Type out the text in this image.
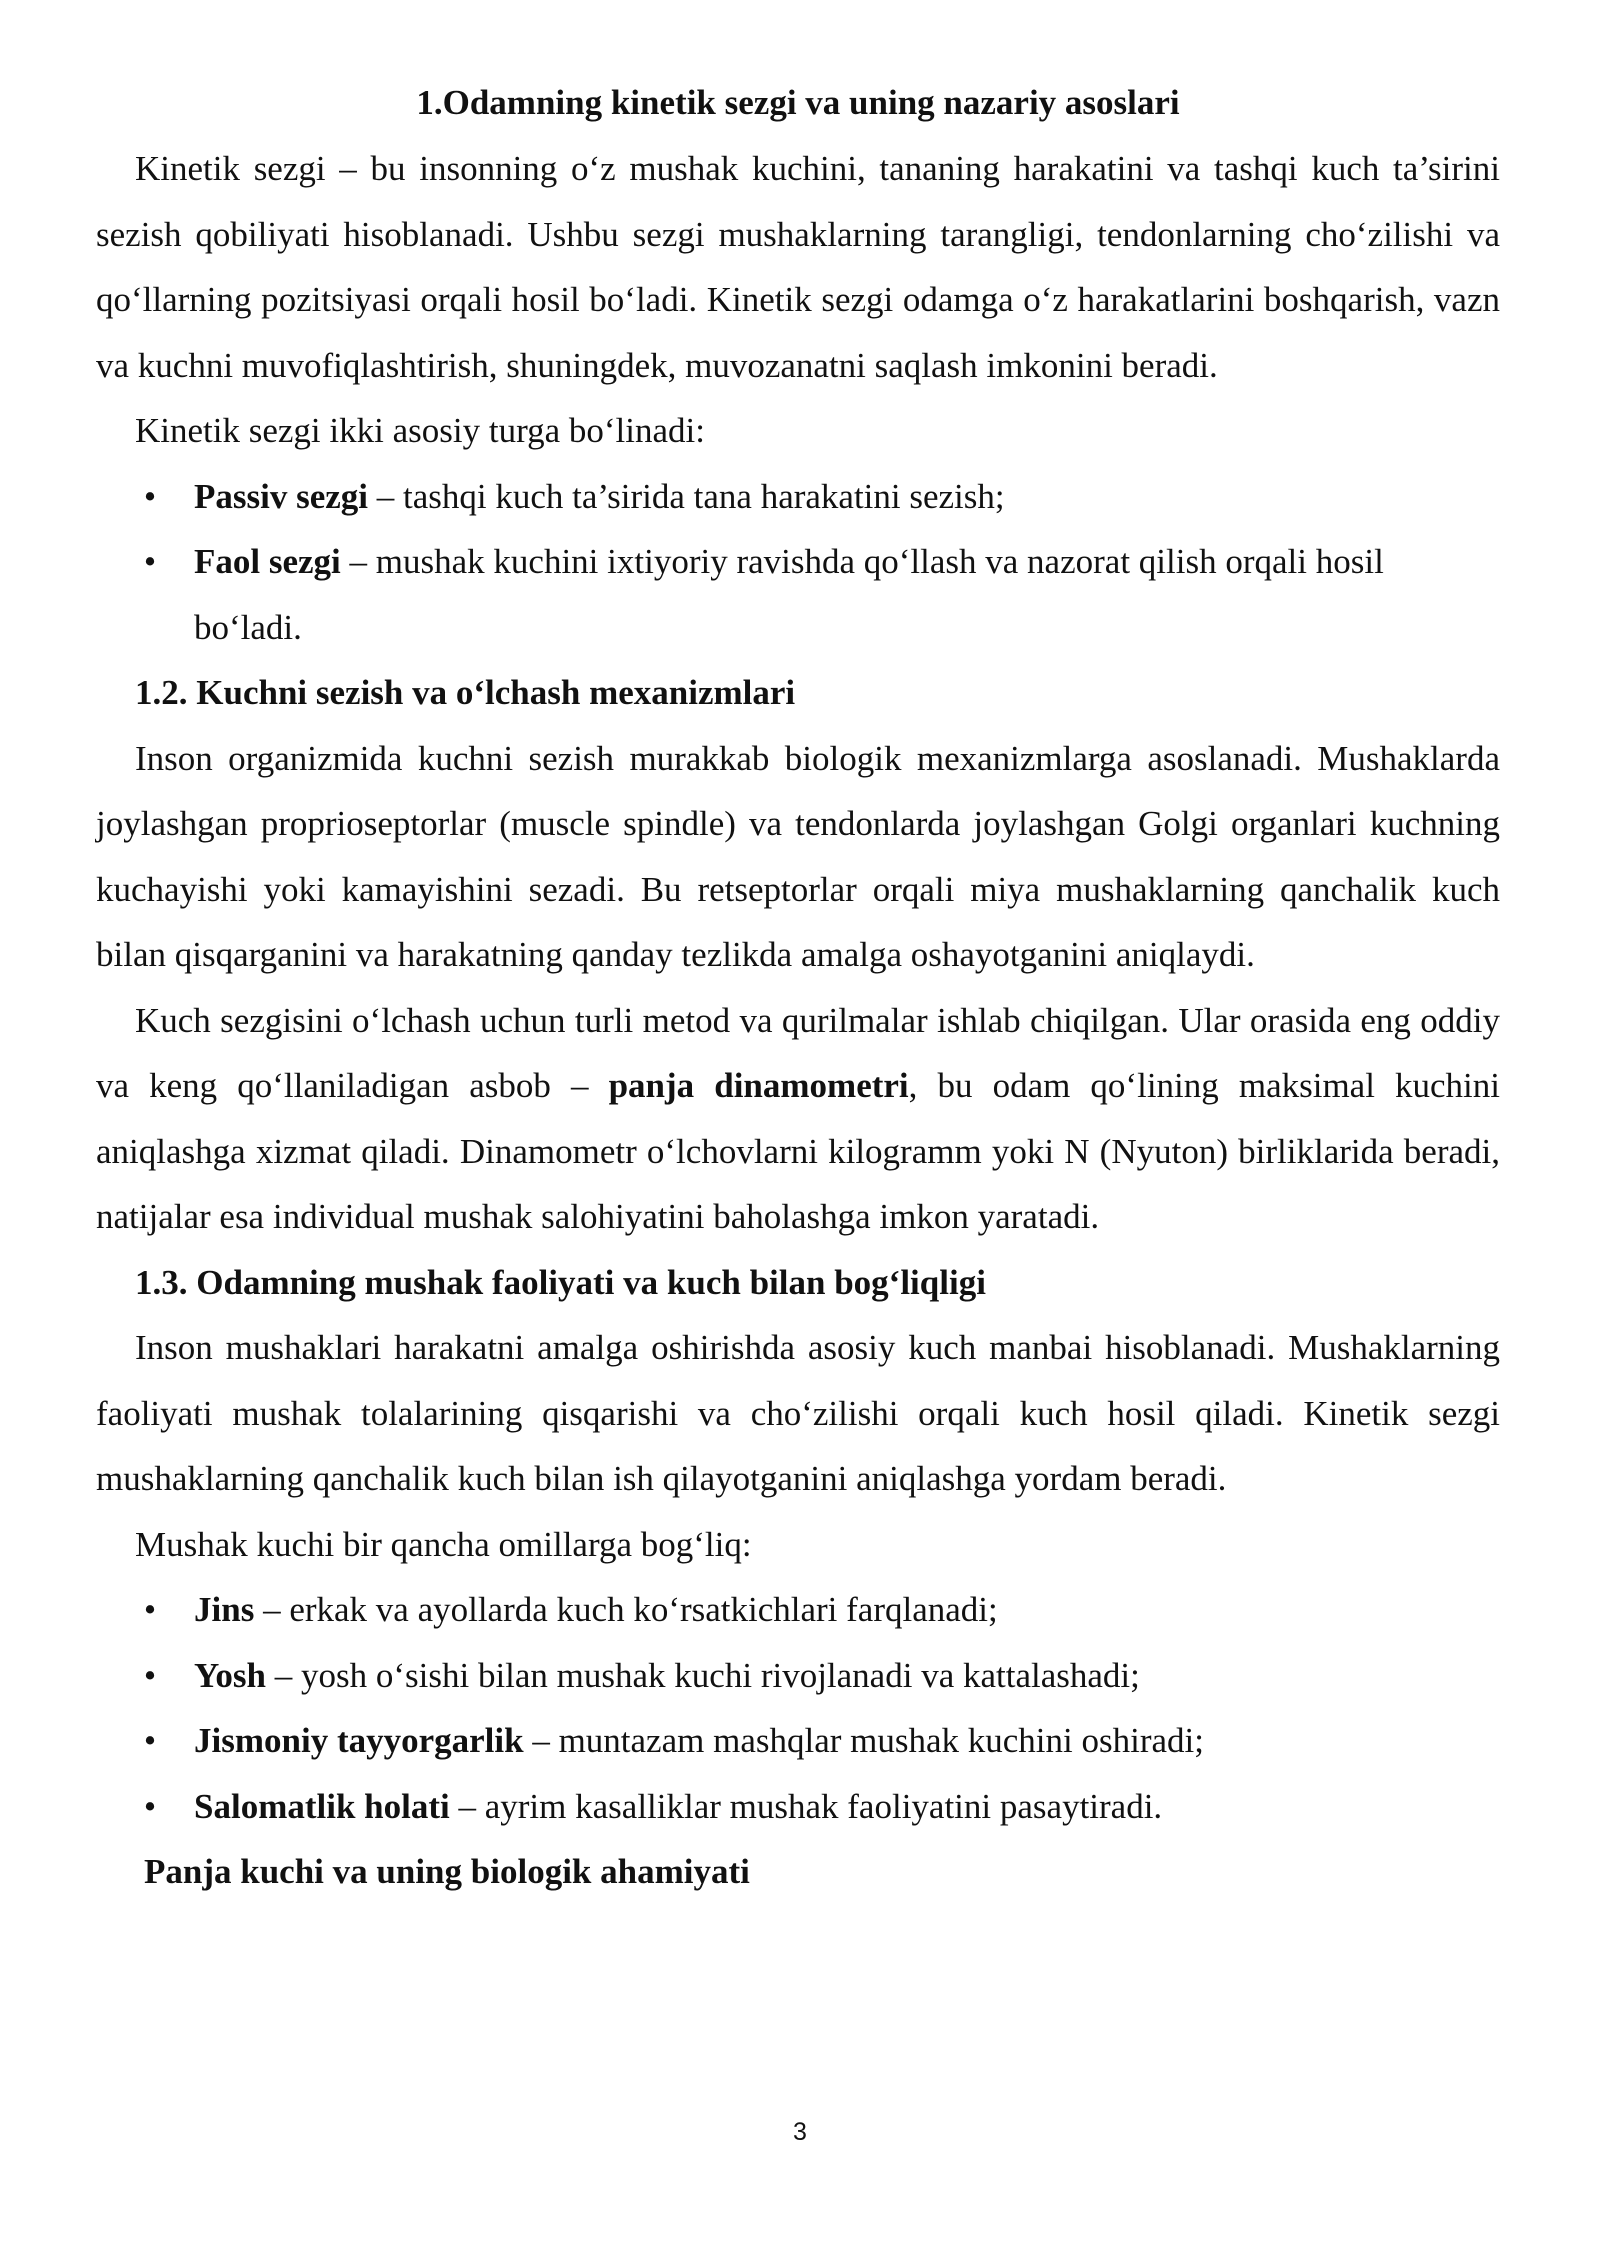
1.Odamning kinetik sezgi va uning nazariy asoslari

Kinetik sezgi – bu insonning o‘z mushak kuchini, tananing harakatini va tashqi kuch ta’sirini sezish qobiliyati hisoblanadi. Ushbu sezgi mushaklarning tarangligi, tendonlarning cho‘zilishi va qo‘llarning pozitsiyasi orqali hosil bo‘ladi. Kinetik sezgi odamga o‘z harakatlarini boshqarish, vazn va kuchni muvofiqlashtirish, shuningdek, muvozanatni saqlash imkonini beradi.

Kinetik sezgi ikki asosiy turga bo‘linadi:

• Passiv sezgi – tashqi kuch ta’sirida tana harakatini sezish;
• Faol sezgi – mushak kuchini ixtiyoriy ravishda qo‘llash va nazorat qilish orqali hosil bo‘ladi.
1.2. Kuchni sezish va o‘lchash mexanizmlari

Inson organizmida kuchni sezish murakkab biologik mexanizmlarga asoslanadi. Mushaklarda joylashgan proprioseptorlar (muscle spindle) va tendonlarda joylashgan Golgi organlari kuchning kuchayishi yoki kamayishini sezadi. Bu retseptorlar orqali miya mushaklarning qanchalik kuch bilan qisqarganini va harakatning qanday tezlikda amalga oshayotganini aniqlaydi.

Kuch sezgisini o‘lchash uchun turli metod va qurilmalar ishlab chiqilgan. Ular orasida eng oddiy va keng qo‘llaniladigan asbob – panja dinamometri, bu odam qo‘lining maksimal kuchini aniqlashga xizmat qiladi. Dinamometr o‘lchovlarni kilogramm yoki N (Nyuton) birliklarida beradi, natijalar esa individual mushak salohiyatini baholashga imkon yaratadi.

1.3. Odamning mushak faoliyati va kuch bilan bog‘liqligi

Inson mushaklari harakatni amalga oshirishda asosiy kuch manbai hisoblanadi. Mushaklarning faoliyati mushak tolalarining qisqarishi va cho‘zilishi orqali kuch hosil qiladi. Kinetik sezgi mushaklarning qanchalik kuch bilan ish qilayotganini aniqlashga yordam beradi.

Mushak kuchi bir qancha omillarga bog‘liq:

• Jins – erkak va ayollarda kuch ko‘rsatkichlari farqlanadi;
• Yosh – yosh o‘sishi bilan mushak kuchi rivojlanadi va kattalashadi;
• Jismoniy tayyorgarlik – muntazam mashqlar mushak kuchini oshiradi;
• Salomatlik holati – ayrim kasalliklar mushak faoliyatini pasaytiradi.
Panja kuchi va uning biologik ahamiyati
3
